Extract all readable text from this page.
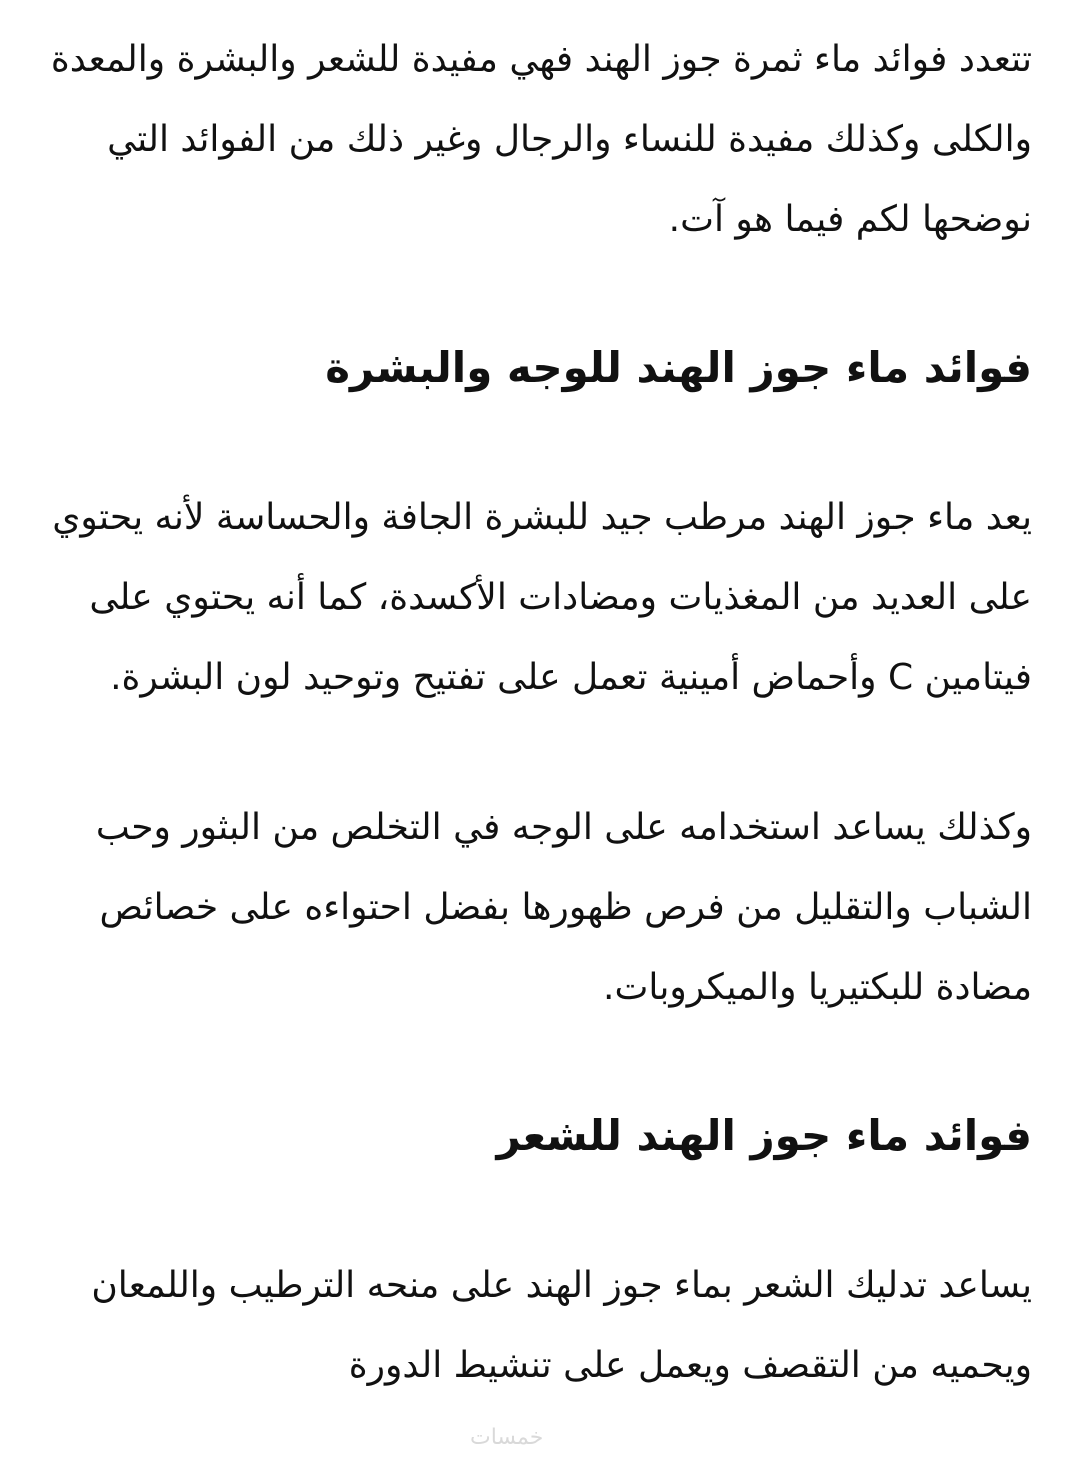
تتعدد فوائد ماء ثمرة جوز الهند فهي مفيدة للشعر والبشرة والمعدة والكلى وكذلك مفيدة للنساء والرجال وغير ذلك من الفوائد التي نوضحها لكم فيما هو آت.

فوائد ماء جوز الهند للوجه والبشرة

يعد ماء جوز الهند مرطب جيد للبشرة الجافة والحساسة لأنه يحتوي على العديد من المغذيات ومضادات الأكسدة، كما أنه يحتوي على فيتامين C وأحماض أمينية تعمل على تفتيح وتوحيد لون البشرة.

وكذلك يساعد استخدامه على الوجه في التخلص من البثور وحب الشباب والتقليل من فرص ظهورها بفضل احتواءه على خصائص مضادة للبكتيريا والميكروبات.

فوائد ماء جوز الهند للشعر

يساعد تدليك الشعر بماء جوز الهند على منحه الترطيب واللمعان ويحميه من التقصف ويعمل على تنشيط الدورة

خمسات
